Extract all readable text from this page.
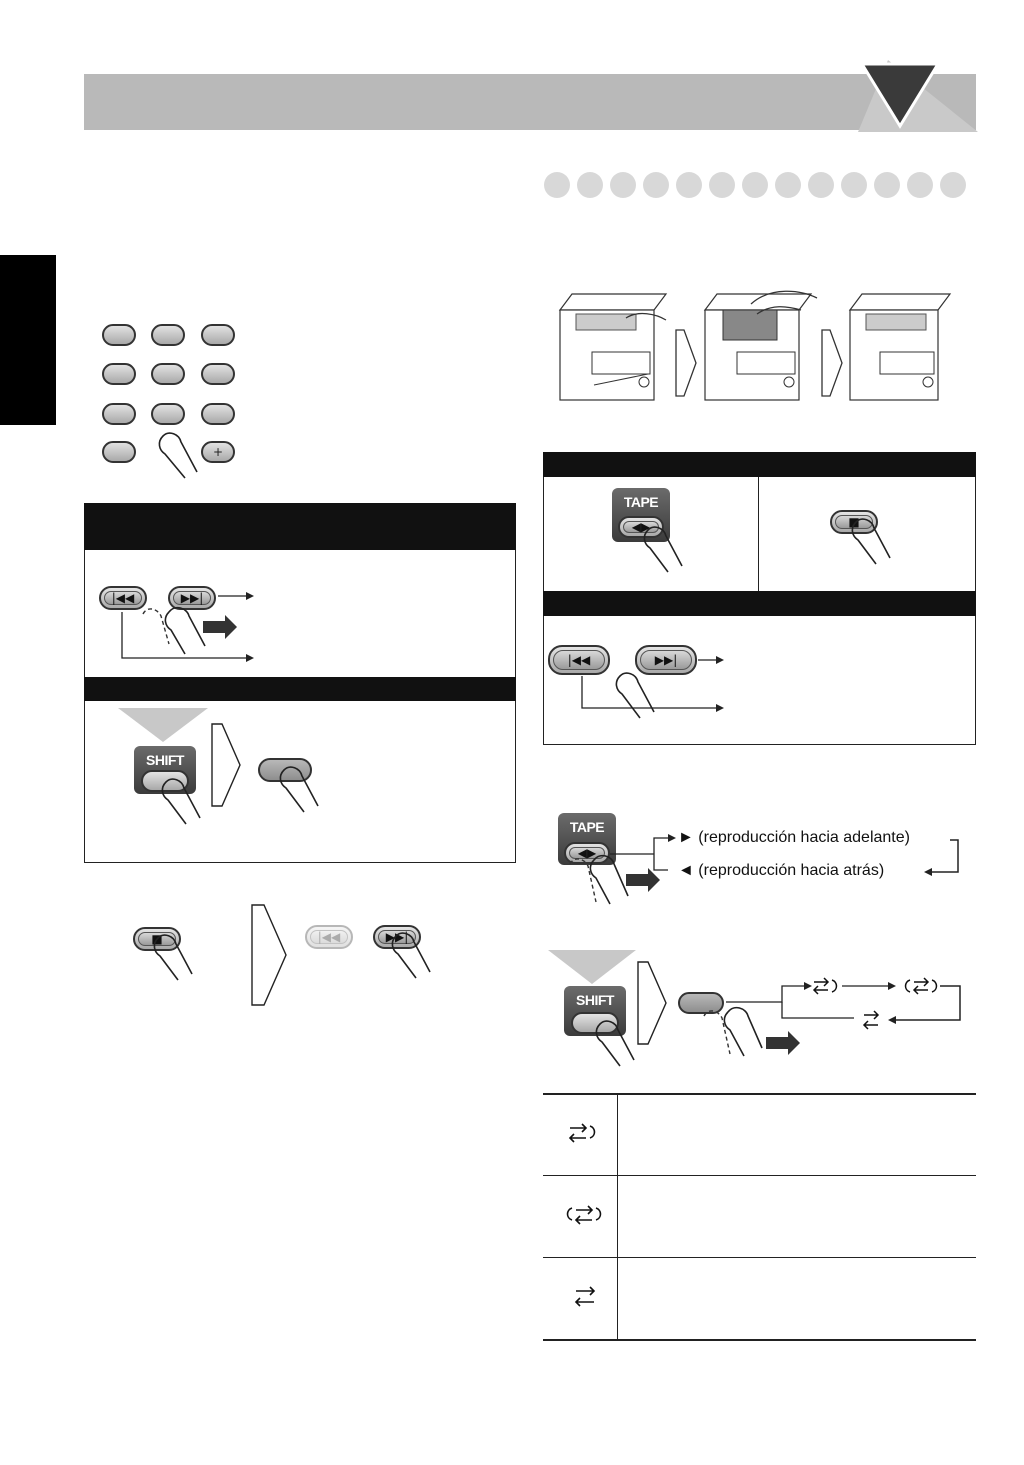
+
|◀◀	▶▶|
SHIFT
■	|◀◀	▶▶|
TAPE
◀▶	■
|◀◀	▶▶|
TAPE
◀▶
► (reproducción hacia adelante)
◄ (reproducción hacia atrás)
SHIFT
